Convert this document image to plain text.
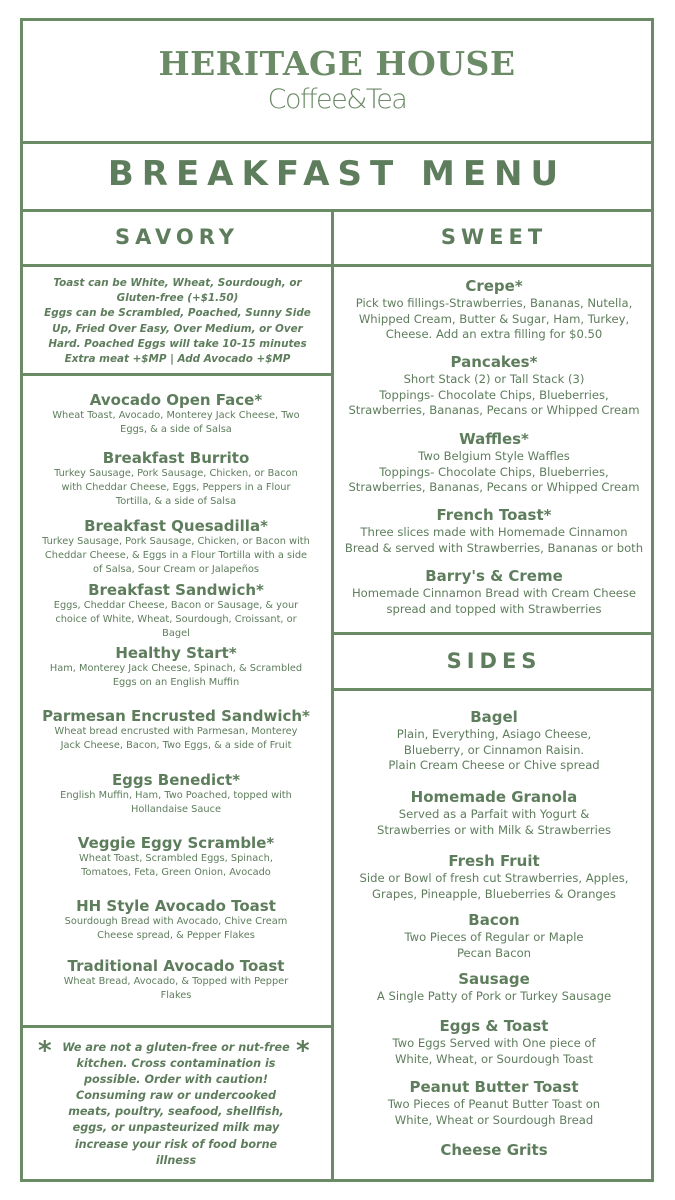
HERITAGE HOUSE
Coffee&Tea
BREAKFAST MENU
SAVORY	SWEET
SIDES
Toast can be White, Wheat, Sourdough, or
Gluten-free (+$1.50)
Eggs can be Scrambled, Poached, Sunny Side
Up, Fried Over Easy, Over Medium, or Over
Hard. Poached Eggs will take 10-15 minutes
Extra meat +$MP | Add Avocado +$MP
Avocado Open Face*
Wheat Toast, Avocado, Monterey Jack Cheese, Two
Eggs, & a side of Salsa
Breakfast Burrito
Turkey Sausage, Pork Sausage, Chicken, or Bacon
with Cheddar Cheese, Eggs, Peppers in a Flour
Tortilla, & a side of Salsa
Breakfast Quesadilla*
Turkey Sausage, Pork Sausage, Chicken, or Bacon with
Cheddar Cheese, & Eggs in a Flour Tortilla with a side
of Salsa, Sour Cream or Jalapeños
Breakfast Sandwich*
Eggs, Cheddar Cheese, Bacon or Sausage, & your
choice of White, Wheat, Sourdough, Croissant, or
Bagel
Healthy Start*
Ham, Monterey Jack Cheese, Spinach, & Scrambled
Eggs on an English Muffin
Parmesan Encrusted Sandwich*
Wheat bread encrusted with Parmesan, Monterey
Jack Cheese, Bacon, Two Eggs, & a side of Fruit
Eggs Benedict*
English Muffin, Ham, Two Poached, topped with
Hollandaise Sauce
Veggie Eggy Scramble*
Wheat Toast, Scrambled Eggs, Spinach,
Tomatoes, Feta, Green Onion, Avocado
HH Style Avocado Toast
Sourdough Bread with Avocado, Chive Cream
Cheese spread, & Pepper Flakes
Traditional Avocado Toast
Wheat Bread, Avocado, & Topped with Pepper
Flakes
*	*
We are not a gluten-free or nut-free
kitchen. Cross contamination is
possible. Order with caution!
Consuming raw or undercooked
meats, poultry, seafood, shellfish,
eggs, or unpasteurized milk may
increase your risk of food borne illness
Crepe*
Pick two fillings-Strawberries, Bananas, Nutella,
Whipped Cream, Butter & Sugar, Ham, Turkey,
Cheese. Add an extra filling for $0.50
Pancakes*
Short Stack (2) or Tall Stack (3)
Toppings- Chocolate Chips, Blueberries,
Strawberries, Bananas, Pecans or Whipped Cream
Waffles*
Two Belgium Style Waffles
Toppings- Chocolate Chips, Blueberries,
Strawberries, Bananas, Pecans or Whipped Cream
French Toast*
Three slices made with Homemade Cinnamon
Bread & served with Strawberries, Bananas or both
Barry's & Creme
Homemade Cinnamon Bread with Cream Cheese
spread and topped with Strawberries
Bagel
Plain, Everything, Asiago Cheese,
Blueberry, or Cinnamon Raisin.
Plain Cream Cheese or Chive spread
Homemade Granola
Served as a Parfait with Yogurt &
Strawberries or with Milk & Strawberries
Fresh Fruit
Side or Bowl of fresh cut Strawberries, Apples,
Grapes, Pineapple, Blueberries & Oranges
Bacon
Two Pieces of Regular or Maple
Pecan Bacon
Sausage
A Single Patty of Pork or Turkey Sausage
Eggs & Toast
Two Eggs Served with One piece of
White, Wheat, or Sourdough Toast
Peanut Butter Toast
Two Pieces of Peanut Butter Toast on
White, Wheat or Sourdough Bread
Cheese Grits
